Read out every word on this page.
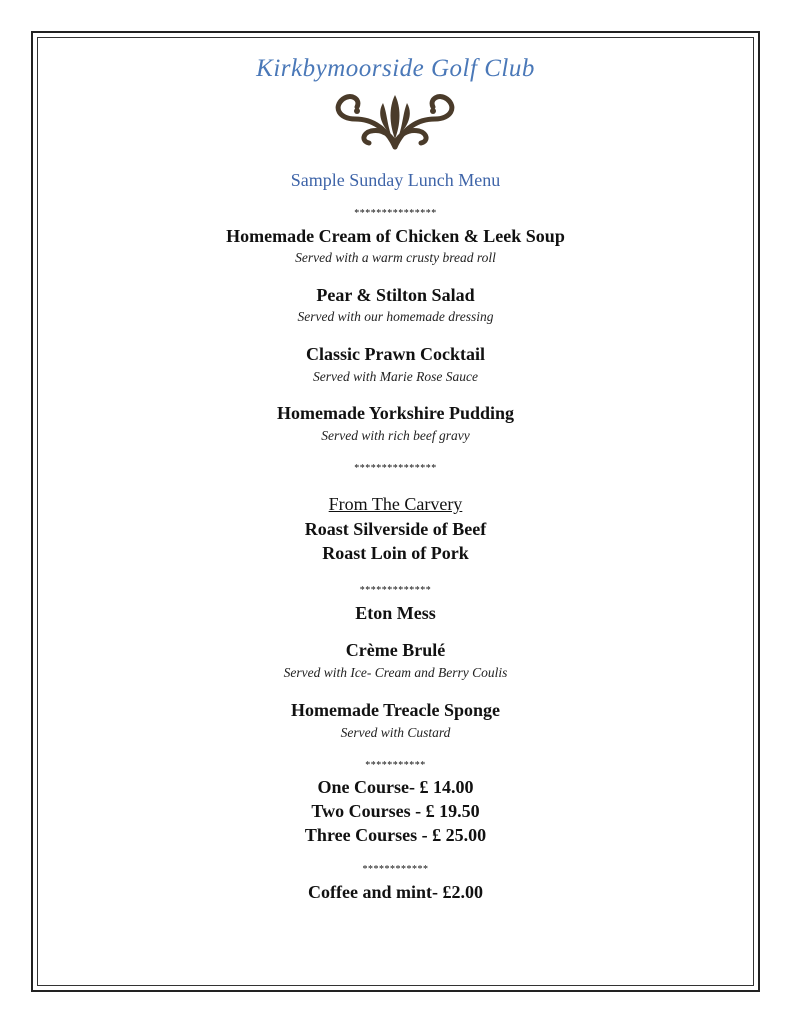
Kirkbymoorside Golf Club
Sample Sunday Lunch Menu
***************
Homemade Cream of Chicken & Leek Soup
Served with a warm crusty bread roll
Pear & Stilton Salad
Served with our homemade dressing
Classic Prawn Cocktail
Served with Marie Rose Sauce
Homemade Yorkshire Pudding
Served with rich beef gravy
***************
From The Carvery
Roast Silverside of Beef
Roast Loin of Pork
*************
Eton Mess
Crème Brulé
Served with Ice- Cream and Berry Coulis
Homemade Treacle Sponge
Served with Custard
***********
One Course- £ 14.00
Two Courses - £ 19.50
Three Courses - £ 25.00
************
Coffee and mint- £2.00
